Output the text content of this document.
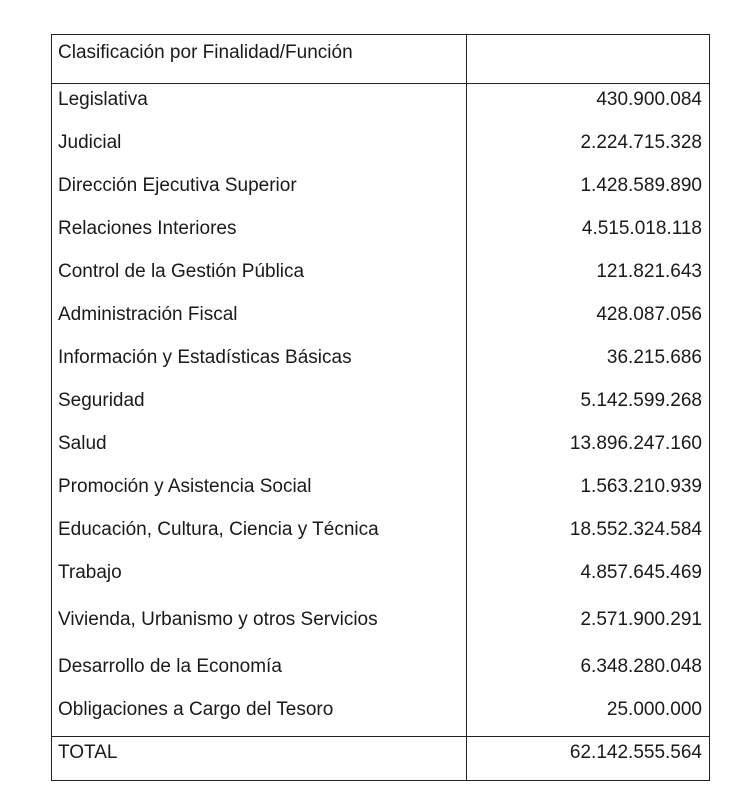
Clasificación por Finalidad/Función
Legislativa	430.900.084
Judicial	2.224.715.328
Dirección Ejecutiva Superior	1.428.589.890
Relaciones Interiores	4.515.018.118
Control de la Gestión Pública	121.821.643
Administración Fiscal	428.087.056
Información y Estadísticas Básicas	36.215.686
Seguridad	5.142.599.268
Salud	13.896.247.160
Promoción y Asistencia Social	1.563.210.939
Educación, Cultura, Ciencia y Técnica	18.552.324.584
Trabajo	4.857.645.469
Vivienda, Urbanismo y otros Servicios	2.571.900.291
Desarrollo de la Economía	6.348.280.048
Obligaciones a Cargo del Tesoro	25.000.000
TOTAL	62.142.555.564
